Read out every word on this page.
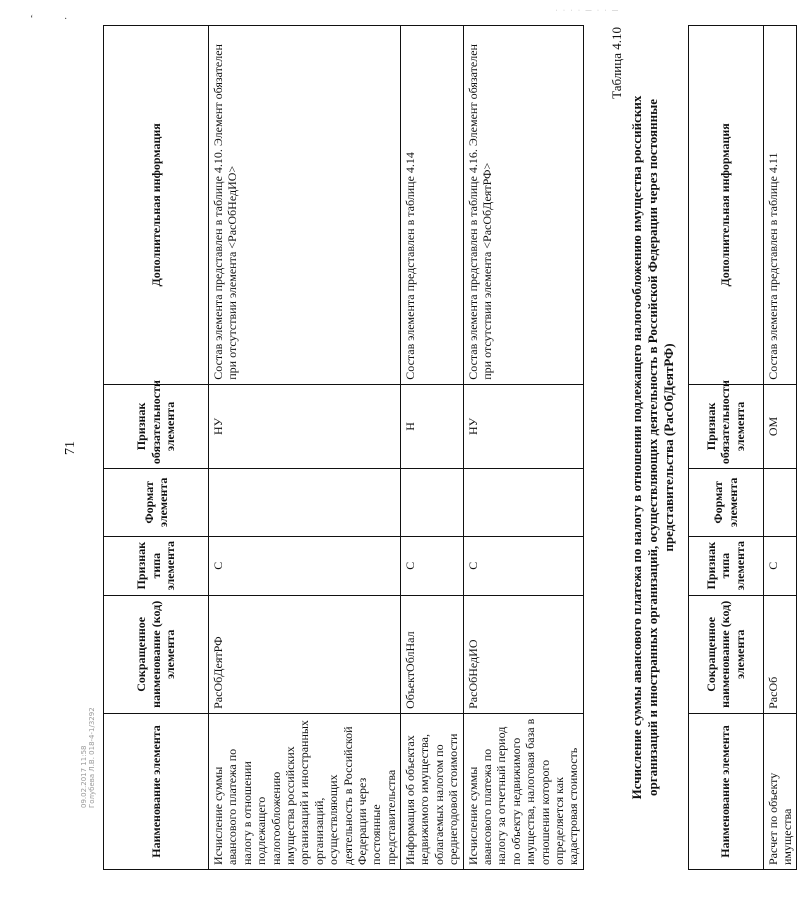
‘	·
· · · · — · · —
71
09.02.2017 11:58 Голубева Л.В. 018-4-1/3292	Наименование элемента	Сокращенное наименование (код) элемента	Признак типа элемента	Формат элемента	Признак обязательности элемента	Дополнительная информация
Исчисление суммы авансового платежа по налогу в отношении подлежащего налогообложению имущества российских организаций и иностранных организаций, осуществляющих деятельность в Российской Федерации через постоянные представительства	РасОбДеятРФ	С		НУ	Состав элемента представлен в таблице 4.10. Элемент обязателен при отсутствии элемента <РасОбНедИО>
Информация об объектах недвижимого имущества, облагаемых налогом по среднегодовой стоимости	ОбъектОблНал	С		Н	Состав элемента представлен в таблице 4.14
Исчисление суммы авансового платежа по налогу за отчетный период по объекту недвижимого имущества, налоговая база в отношении которого определяется как кадастровая стоимость	РасОбНедИО	С		НУ	Состав элемента представлен в таблице 4.16. Элемент обязателен при отсутствии элемента <РасОбДеятРФ>
Таблица 4.10
Исчисление суммы авансового платежа по налогу в отношении подлежащего налогообложению имущества российских организаций и иностранных организаций, осуществляющих деятельность в Российской Федерации через постоянные представительства (РасОбДеятРФ)
Наименование элемента	Сокращенное наименование (код) элемента	Признак типа элемента	Формат элемента	Признак обязательности элемента	Дополнительная информация
Расчет по объекту имущества	РасОб	С		ОМ	Состав элемента представлен в таблице 4.11
